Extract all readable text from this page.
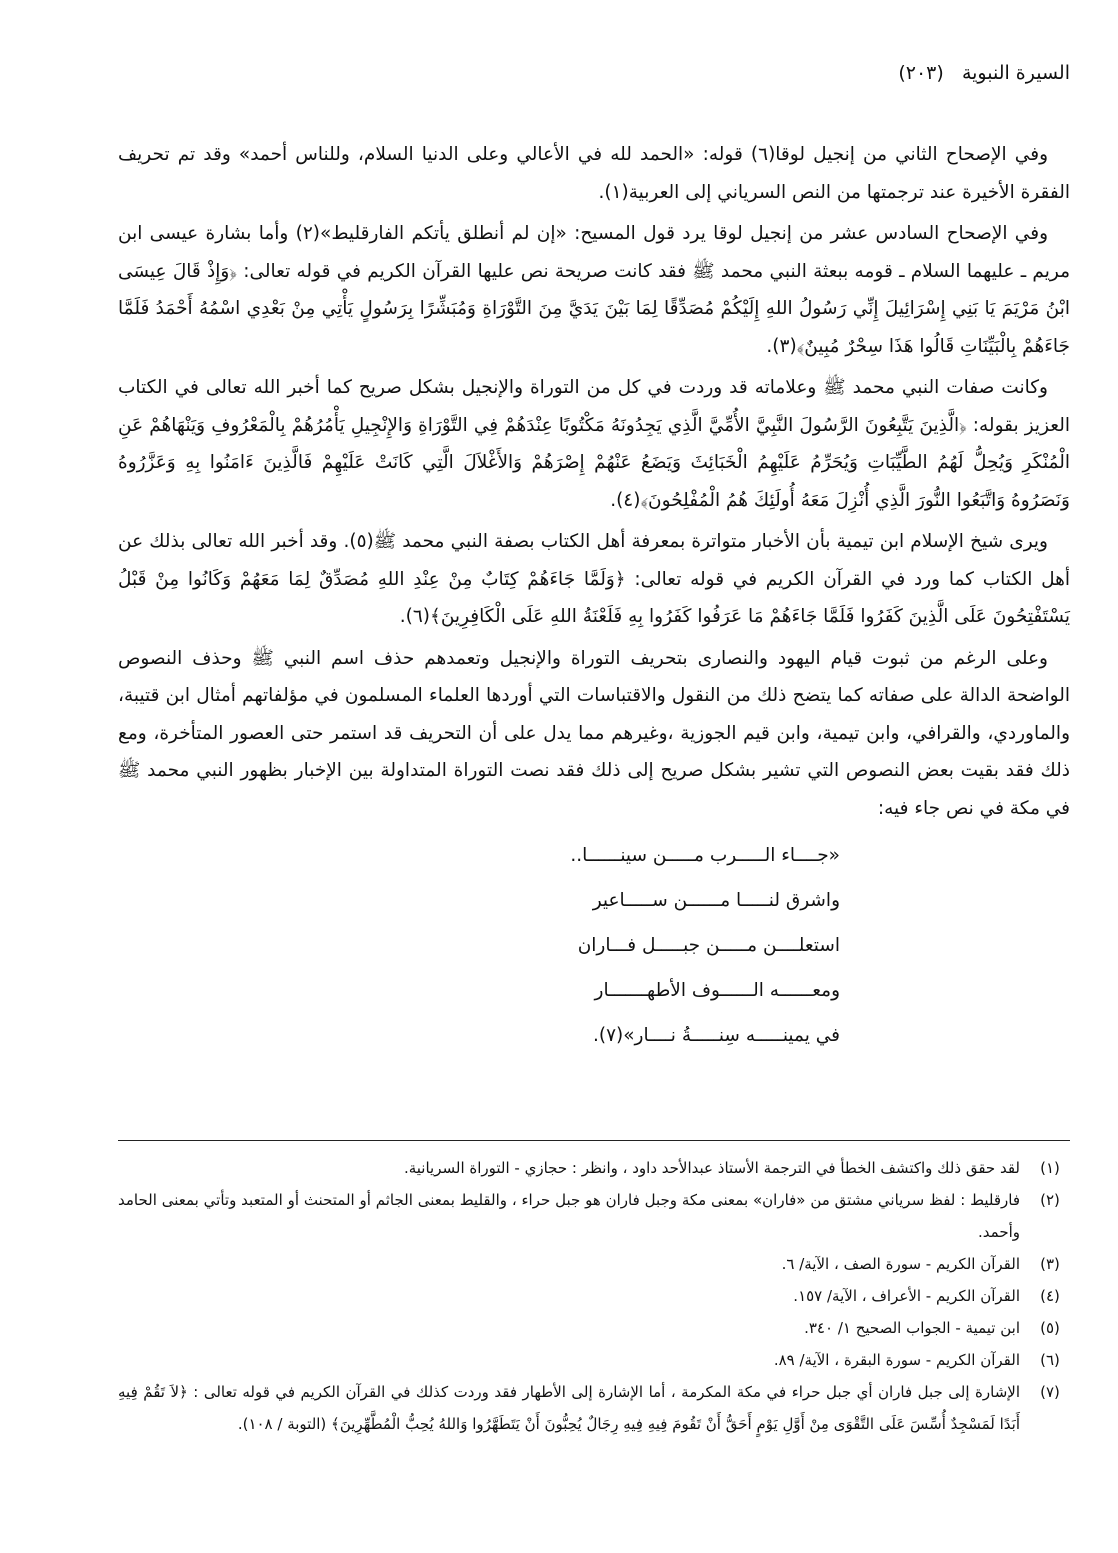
السيرة النبوية   (٢٠٣)

وفي الإصحاح الثاني من إنجيل لوقا(٦) قوله: «الحمد لله في الأعالي وعلى الدنيا السلام، وللناس أحمد» وقد تم تحريف الفقرة الأخيرة عند ترجمتها من النص السرياني إلى العربية(١).

وفي الإصحاح السادس عشر من إنجيل لوقا يرد قول المسيح: «إن لم أنطلق يأتكم الفارقليط»(٢) وأما بشارة عيسى ابن مريم ـ عليهما السلام ـ قومه ببعثة النبي محمد ﷺ فقد كانت صريحة نص عليها القرآن الكريم في قوله تعالى: ﴿وَإِذْ قَالَ عِيسَى ابْنُ مَرْيَمَ يَا بَنِي إِسْرَائِيلَ إِنِّي رَسُولُ اللهِ إِلَيْكُمْ مُصَدِّقًا لِمَا بَيْنَ يَدَيَّ مِنَ التَّوْرَاةِ وَمُبَشِّرًا بِرَسُولٍ يَأْتِي مِنْ بَعْدِي اسْمُهُ أَحْمَدُ فَلَمَّا جَاءَهُمْ بِالْبَيِّنَاتِ قَالُوا هَذَا سِحْرٌ مُبِينٌ﴾(٣).

وكانت صفات النبي محمد ﷺ وعلاماته قد وردت في كل من التوراة والإنجيل بشكل صريح كما أخبر الله تعالى في الكتاب العزيز بقوله: ﴿الَّذِينَ يَتَّبِعُونَ الرَّسُولَ النَّبِيَّ الأُمِّيَّ الَّذِي يَجِدُونَهُ مَكْتُوبًا عِنْدَهُمْ فِي التَّوْرَاةِ وَالإِنْجِيلِ يَأْمُرُهُمْ بِالْمَعْرُوفِ وَيَنْهَاهُمْ عَنِ الْمُنْكَرِ وَيُحِلُّ لَهُمُ الطَّيِّبَاتِ وَيُحَرِّمُ عَلَيْهِمُ الْخَبَائِثَ وَيَضَعُ عَنْهُمْ إِصْرَهُمْ وَالأَغْلاَلَ الَّتِي كَانَتْ عَلَيْهِمْ فَالَّذِينَ ءَامَنُوا بِهِ وَعَزَّرُوهُ وَنَصَرُوهُ وَاتَّبَعُوا النُّورَ الَّذِي أُنْزِلَ مَعَهُ أُولَئِكَ هُمُ الْمُفْلِحُونَ﴾(٤).

ويرى شيخ الإسلام ابن تيمية بأن الأخبار متواترة بمعرفة أهل الكتاب بصفة النبي محمد ﷺ(٥). وقد أخبر الله تعالى بذلك عن أهل الكتاب كما ورد في القرآن الكريم في قوله تعالى: ﴿وَلَمَّا جَاءَهُمْ كِتَابٌ مِنْ عِنْدِ اللهِ مُصَدِّقٌ لِمَا مَعَهُمْ وَكَانُوا مِنْ قَبْلُ يَسْتَفْتِحُونَ عَلَى الَّذِينَ كَفَرُوا فَلَمَّا جَاءَهُمْ مَا عَرَفُوا كَفَرُوا بِهِ فَلَعْنَةُ اللهِ عَلَى الْكَافِرِينَ﴾(٦).

وعلى الرغم من ثبوت قيام اليهود والنصارى بتحريف التوراة والإنجيل وتعمدهم حذف اسم النبي ﷺ وحذف النصوص الواضحة الدالة على صفاته كما يتضح ذلك من النقول والاقتباسات التي أوردها العلماء المسلمون في مؤلفاتهم أمثال ابن قتيبة، والماوردي، والقرافي، وابن تيمية، وابن قيم الجوزية ،وغيرهم مما يدل على أن التحريف قد استمر حتى العصور المتأخرة، ومع ذلك فقد بقيت بعض النصوص التي تشير بشكل صريح إلى ذلك فقد نصت التوراة المتداولة بين الإخبار بظهور النبي محمد ﷺ في مكة في نص جاء فيه:

«جــــاء الـــــرب مـــــن سينــــــا..
واشرق لنـــــا مــــــن ســـــاعير
استعلــــن مـــــن جبـــــل فـــاران
ومعــــــه الــــــوف الأطهـــــــار
في يمينـــــه سِنـــــةُ نــــار»(٧).
(١)
لقد حقق ذلك واكتشف الخطأ في الترجمة الأستاذ عبدالأحد داود ، وانظر : حجازي - التوراة السريانية.
(٢)
فارقليط : لفظ سرياني مشتق من «فاران» بمعنى مكة وجبل فاران هو جبل حراء ، والقليط بمعنى الجاثم أو المتحنث أو المتعبد وتأتي بمعنى الحامد وأحمد.
(٣)
القرآن الكريم - سورة الصف ، الآية/ ٦.
(٤)
القرآن الكريم - الأعراف ، الآية/ ١٥٧.
(٥)
ابن تيمية - الجواب الصحيح ١/ ٣٤٠.
(٦)
القرآن الكريم - سورة البقرة ، الآية/ ٨٩.
(٧)
الإشارة إلى جبل فاران أي جبل حراء في مكة المكرمة ، أما الإشارة إلى الأطهار فقد وردت كذلك في القرآن الكريم في قوله تعالى : ﴿لاَ تَقُمْ فِيهِ أَبَدًا لَمَسْجِدٌ أُسِّسَ عَلَى التَّقْوَى مِنْ أَوَّلِ يَوْمٍ أَحَقُّ أَنْ تَقُومَ فِيهِ فِيهِ رِجَالٌ يُحِبُّونَ أَنْ يَتَطَهَّرُوا وَاللهُ يُحِبُّ الْمُطَّهِّرِينَ﴾ (التوبة / ١٠٨).
